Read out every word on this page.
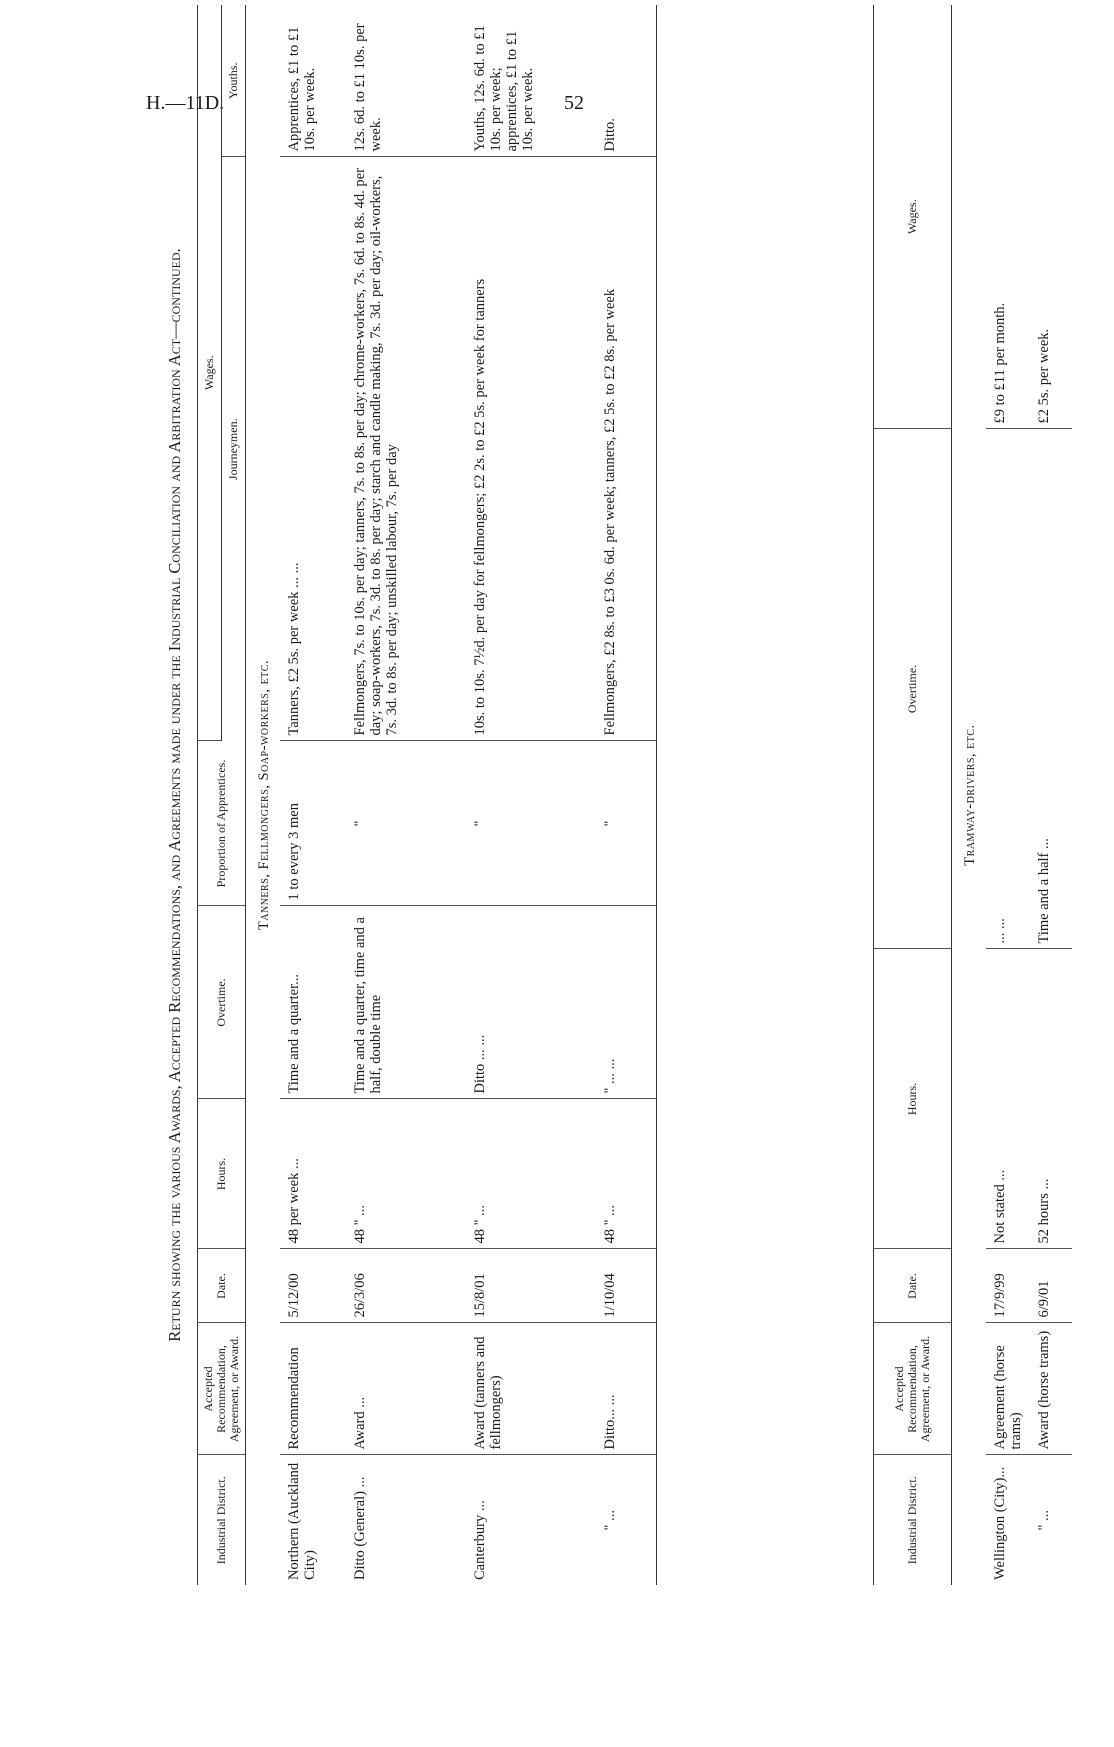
H.—11D.	52
Return showing the various Awards, Accepted Recommendations, and Agreements made under the Industrial Conciliation and Arbitration Act—continued.
Industrial District.	Accepted Recommendation, Agreement, or Award.	Date.	Hours.	Overtime.	Proportion of Apprentices.	Wages.	
						Journeymen.	Youths.
Tanners, Fellmongers, Soap-workers, etc.							
Northern (Auckland City)	Recommendation	5/12/00	48 per week ...	Time and a quarter...	1 to every 3 men	Tanners, £2 5s. per week ... ...	Apprentices, £1 to £1 10s. per week.
Ditto (General) ...	Award ...	26/3/06	48 " ...	Time and a quarter, time and a half, double time	"	Fellmongers, 7s. to 10s. per day; tanners, 7s. to 8s. per day; chrome-workers, 7s. 6d. to 8s. 4d. per day; soap-workers, 7s. 3d. to 8s. per day; starch and candle making, 7s. 3d. per day; oil-workers, 7s. 3d. to 8s. per day; unskilled labour, 7s. per day	12s. 6d. to £1 10s. per week.
Canterbury ...	Award (tanners and fellmongers)	15/8/01	48 " ...	Ditto ... ...	"	10s. to 10s. 7½d. per day for fellmongers; £2 2s. to £2 5s. per week for tanners	Youths, 12s. 6d. to £1 10s. per week; apprentices, £1 to £1 10s. per week.
" ...	Ditto... ...	1/10/04	48 " ...	" ... ...	"	Fellmongers, £2 8s. to £3 0s. 6d. per week; tanners, £2 5s. to £2 8s. per week	Ditto.
Industrial District.	Accepted Recommendation, Agreement, or Award.	Date.	Hours.	Overtime.	Wages.
Tramway-drivers, etc.					
Wellington (City)...	Agreement (horse trams)	17/9/99	Not stated ...	... ...	£9 to £11 per month.
" ...	Award (horse trams)	6/9/01	52 hours ...	Time and a half ...	£2 5s. per week.
